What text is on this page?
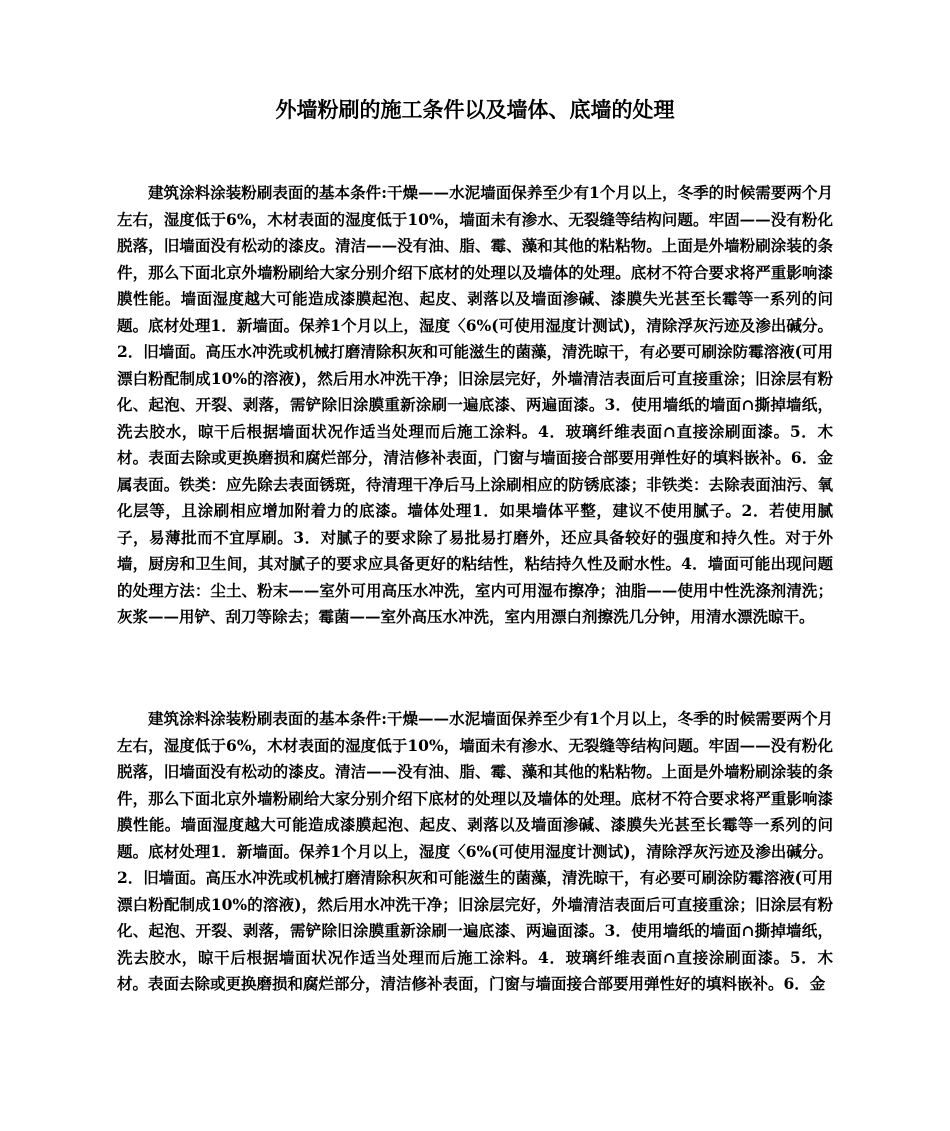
外墙粉刷的施工条件以及墙体、底墙的处理

建筑涂料涂装粉刷表面的基本条件:干燥——水泥墙面保养至少有1个月以上，冬季的时候需要两个月左右，湿度低于6%，木材表面的湿度低于10%，墙面未有渗水、无裂缝等结构问题。牢固——没有粉化脱落，旧墙面没有松动的漆皮。清洁——没有油、脂、霉、藻和其他的粘粘物。上面是外墙粉刷涂装的条件，那么下面北京外墙粉刷给大家分别介绍下底材的处理以及墙体的处理。底材不符合要求将严重影响漆膜性能。墙面湿度越大可能造成漆膜起泡、起皮、剥落以及墙面渗碱、漆膜失光甚至长霉等一系列的问题。底材处理1．新墙面。保养1个月以上，湿度〈6%(可使用湿度计测试)，清除浮灰污迹及渗出碱分。2．旧墙面。高压水冲洗或机械打磨清除积灰和可能滋生的菌藻，清洗晾干，有必要可刷涂防霉溶液(可用漂白粉配制成10%的溶液)，然后用水冲洗干净；旧涂层完好，外墙清洁表面后可直接重涂；旧涂层有粉化、起泡、开裂、剥落，需铲除旧涂膜重新涂刷一遍底漆、两遍面漆。3．使用墙纸的墙面∩撕掉墙纸，洗去胶水，晾干后根据墙面状况作适当处理而后施工涂料。4．玻璃纤维表面∩直接涂刷面漆。5．木材。表面去除或更换磨损和腐烂部分，清洁修补表面，门窗与墙面接合部要用弹性好的填料嵌补。6．金属表面。铁类：应先除去表面锈斑，待清理干净后马上涂刷相应的防锈底漆；非铁类：去除表面油污、氧化层等，且涂刷相应增加附着力的底漆。墙体处理1．如果墙体平整，建议不使用腻子。2．若使用腻子，易薄批而不宜厚刷。3．对腻子的要求除了易批易打磨外，还应具备较好的强度和持久性。对于外墙，厨房和卫生间，其对腻子的要求应具备更好的粘结性，粘结持久性及耐水性。4．墙面可能出现问题的处理方法：尘土、粉末——室外可用高压水冲洗，室内可用湿布擦净；油脂——使用中性洗涤剂清洗；灰浆——用铲、刮刀等除去；霉菌——室外高压水冲洗，室内用漂白剂擦洗几分钟，用清水漂洗晾干。

建筑涂料涂装粉刷表面的基本条件:干燥——水泥墙面保养至少有1个月以上，冬季的时候需要两个月左右，湿度低于6%，木材表面的湿度低于10%，墙面未有渗水、无裂缝等结构问题。牢固——没有粉化脱落，旧墙面没有松动的漆皮。清洁——没有油、脂、霉、藻和其他的粘粘物。上面是外墙粉刷涂装的条件，那么下面北京外墙粉刷给大家分别介绍下底材的处理以及墙体的处理。底材不符合要求将严重影响漆膜性能。墙面湿度越大可能造成漆膜起泡、起皮、剥落以及墙面渗碱、漆膜失光甚至长霉等一系列的问题。底材处理1．新墙面。保养1个月以上，湿度〈6%(可使用湿度计测试)，清除浮灰污迹及渗出碱分。2．旧墙面。高压水冲洗或机械打磨清除积灰和可能滋生的菌藻，清洗晾干，有必要可刷涂防霉溶液(可用漂白粉配制成10%的溶液)，然后用水冲洗干净；旧涂层完好，外墙清洁表面后可直接重涂；旧涂层有粉化、起泡、开裂、剥落，需铲除旧涂膜重新涂刷一遍底漆、两遍面漆。3．使用墙纸的墙面∩撕掉墙纸，洗去胶水，晾干后根据墙面状况作适当处理而后施工涂料。4．玻璃纤维表面∩直接涂刷面漆。5．木材。表面去除或更换磨损和腐烂部分，清洁修补表面，门窗与墙面接合部要用弹性好的填料嵌补。6．金
